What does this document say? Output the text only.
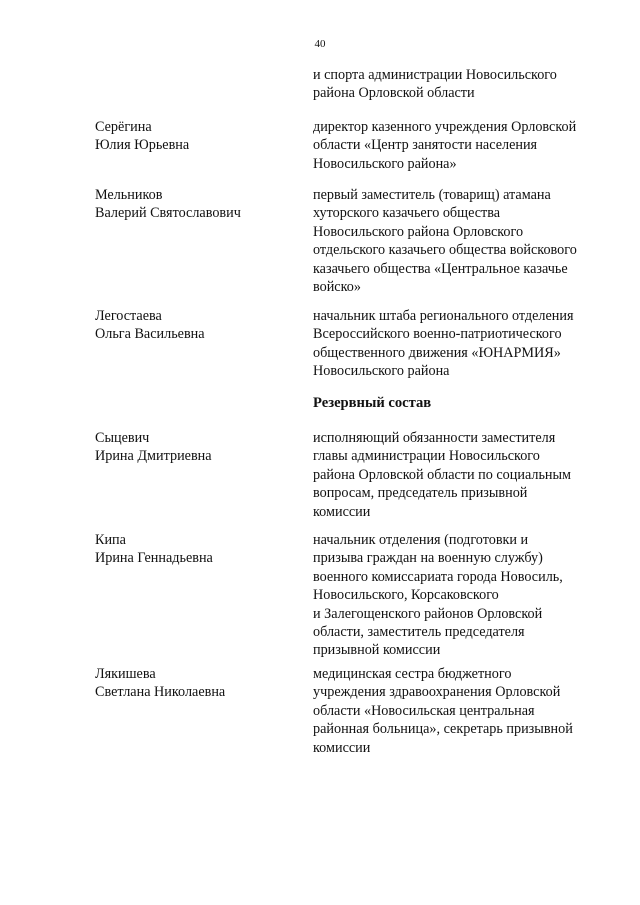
40
и спорта администрации Новосильского
района Орловской области
Серёгина
Юлия Юрьевна
директор казенного учреждения Орловской
области «Центр занятости населения
Новосильского района»
Мельников
Валерий Святославович
первый заместитель (товарищ) атамана
хуторского казачьего общества
Новосильского района Орловского
отдельского казачьего общества войскового
казачьего общества «Центральное казачье
войско»
Легостаева
Ольга Васильевна
начальник штаба регионального отделения
Всероссийского военно-патриотического
общественного движения «ЮНАРМИЯ»
Новосильского района
Резервный состав
Сыцевич
Ирина Дмитриевна
исполняющий обязанности заместителя
главы администрации Новосильского
района Орловской области по социальным
вопросам, председатель призывной
комиссии
Кипа
Ирина Геннадьевна
начальник отделения (подготовки и
призыва граждан на военную службу)
военного комиссариата города Новосиль,
Новосильского, Корсаковского
и Залегощенского районов Орловской
области, заместитель председателя
призывной комиссии
Лякишева
Светлана Николаевна
медицинская сестра бюджетного
учреждения здравоохранения Орловской
области «Новосильская центральная
районная больница», секретарь призывной
комиссии
